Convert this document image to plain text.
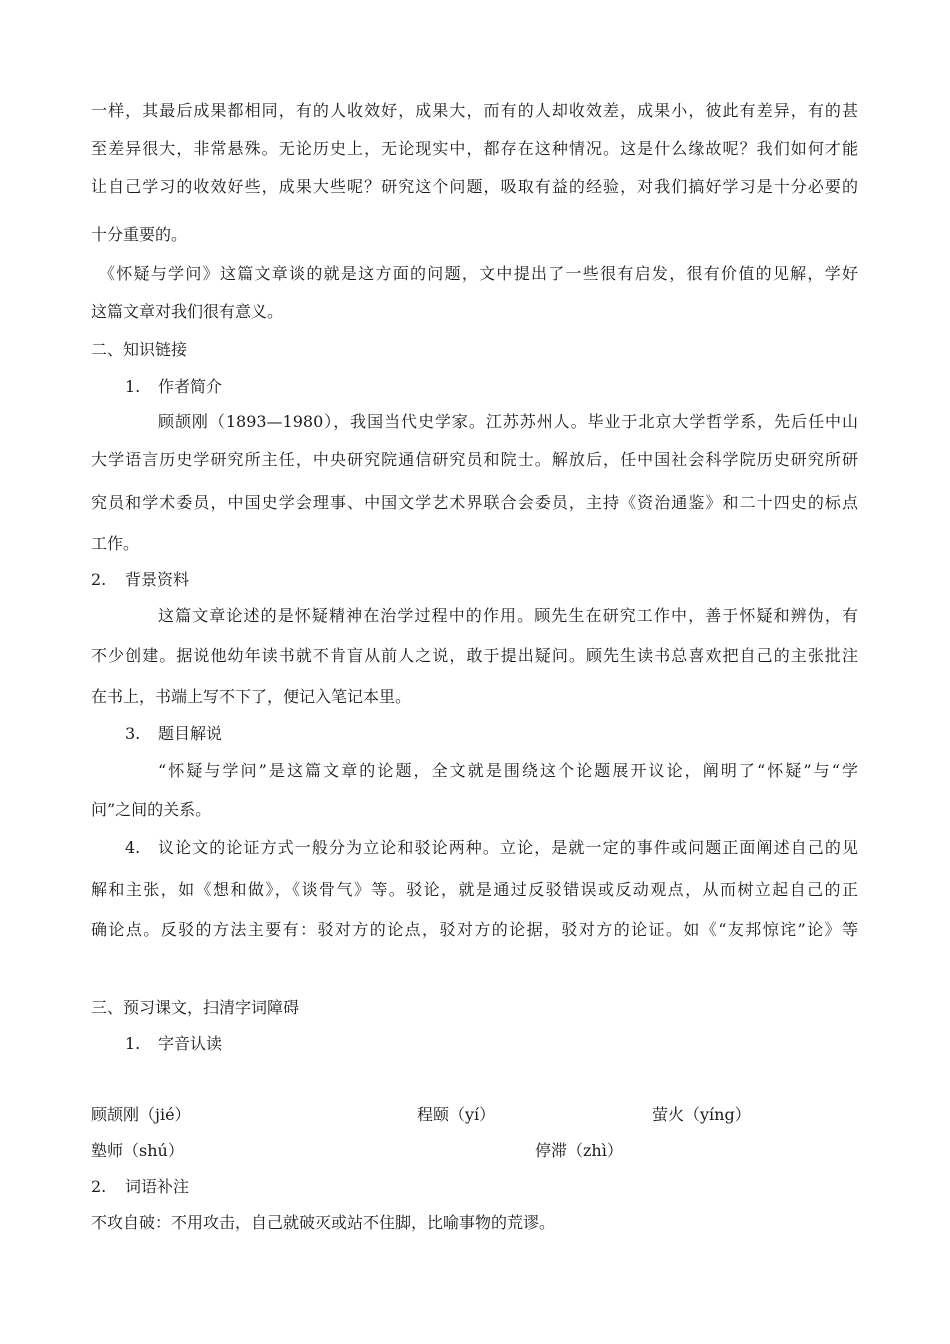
一样，其最后成果都相同，有的人收效好，成果大，而有的人却收效差，成果小，彼此有差异，有的甚
至差异很大，非常悬殊。无论历史上，无论现实中，都存在这种情况。这是什么缘故呢？我们如何才能
让自己学习的收效好些，成果大些呢？研究这个问题，吸取有益的经验，对我们搞好学习是十分必要的
十分重要的。
《怀疑与学问》这篇文章谈的就是这方面的问题，文中提出了一些很有启发，很有价值的见解，学好
这篇文章对我们很有意义。
二、知识链接
1. 作者简介
顾颉刚（1893—1980），我国当代史学家。江苏苏州人。毕业于北京大学哲学系，先后任中山
大学语言历史学研究所主任，中央研究院通信研究员和院士。解放后，任中国社会科学院历史研究所研
究员和学术委员，中国史学会理事、中国文学艺术界联合会委员，主持《资治通鉴》和二十四史的标点
工作。
2. 背景资料
这篇文章论述的是怀疑精神在治学过程中的作用。顾先生在研究工作中，善于怀疑和辨伪，有
不少创建。据说他幼年读书就不肯盲从前人之说，敢于提出疑问。顾先生读书总喜欢把自己的主张批注
在书上，书端上写不下了，便记入笔记本里。
3. 题目解说
“怀疑与学问”是这篇文章的论题，全文就是围绕这个论题展开议论，阐明了“怀疑”与“学
问”之间的关系。
4. 议论文的论证方式一般分为立论和驳论两种。立论，是就一定的事件或问题正面阐述自己的见
解和主张，如《想和做》，《谈骨气》等。驳论，就是通过反驳错误或反动观点，从而树立起自己的正
确论点。反驳的方法主要有：驳对方的论点，驳对方的论据，驳对方的论证。如《“友邦惊诧”论》等
三、预习课文，扫清字词障碍
1. 字音认读
顾颉刚（jié）	程颐（yí）	萤火（yíng）
塾师（shú）	停滞（zhì）
2. 词语补注
不攻自破：不用攻击，自己就破灭或站不住脚，比喻事物的荒谬。
